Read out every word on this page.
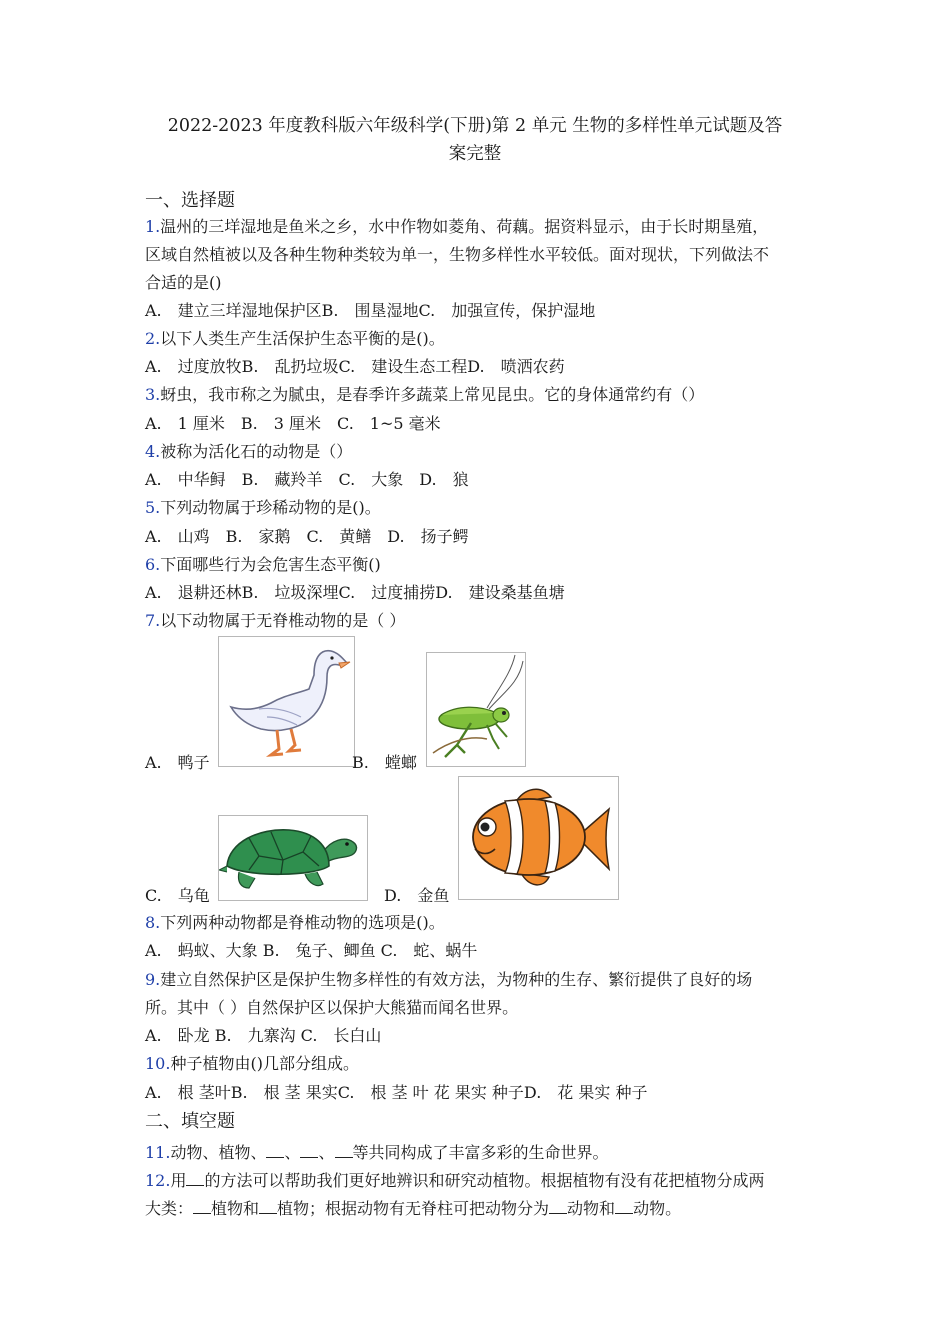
2022-2023 年度教科版六年级科学(下册)第 2 单元 生物的多样性单元试题及答
案完整
一、选择题
1.温州的三垟湿地是鱼米之乡，水中作物如菱角、荷藕。据资料显示，由于长时期垦殖，
区域自然植被以及各种生物种类较为单一，生物多样性水平较低。面对现状，下列做法不
合适的是()
A.　建立三垟湿地保护区B.　围垦湿地C.　加强宣传，保护湿地
2.以下人类生产生活保护生态平衡的是()。
A.　过度放牧B.　乱扔垃圾C.　建设生态工程D.　喷洒农药
3.蚜虫，我市称之为腻虫，是春季许多蔬菜上常见昆虫。它的身体通常约有（）
A.　1 厘米　B.　3 厘米　C.　1~5 毫米
4.被称为活化石的动物是（）
A.　中华鲟　B.　藏羚羊　C.　大象　D.　狼
5.下列动物属于珍稀动物的是()。
A.　山鸡　B.　家鹅　C.　黄鳝　D.　扬子鳄
6.下面哪些行为会危害生态平衡()
A.　退耕还林B.　垃圾深埋C.　过度捕捞D.　建设桑基鱼塘
7.以下动物属于无脊椎动物的是（ ）
A.　鸭子	B.　螳螂
C.　乌龟	D.　金鱼
8.下列两种动物都是脊椎动物的选项是()。
A.　蚂蚁、大象 B.　兔子、鲫鱼 C.　蛇、蜗牛
9.建立自然保护区是保护生物多样性的有效方法，为物种的生存、繁衍提供了良好的场
所。其中（ ）自然保护区以保护大熊猫而闻名世界。
A.　卧龙 B.　九寨沟 C.　长白山
10.种子植物由()几部分组成。
A.　根 茎叶B.　根 茎 果实C.　根 茎 叶 花 果实 种子D.　花 果实 种子
二、填空题
11.动物、植物、 、 、 等共同构成了丰富多彩的生命世界。
12.用 的方法可以帮助我们更好地辨识和研究动植物。根据植物有没有花把植物分成两
大类： 植物和 植物；根据动物有无脊柱可把动物分为 动物和 动物。
